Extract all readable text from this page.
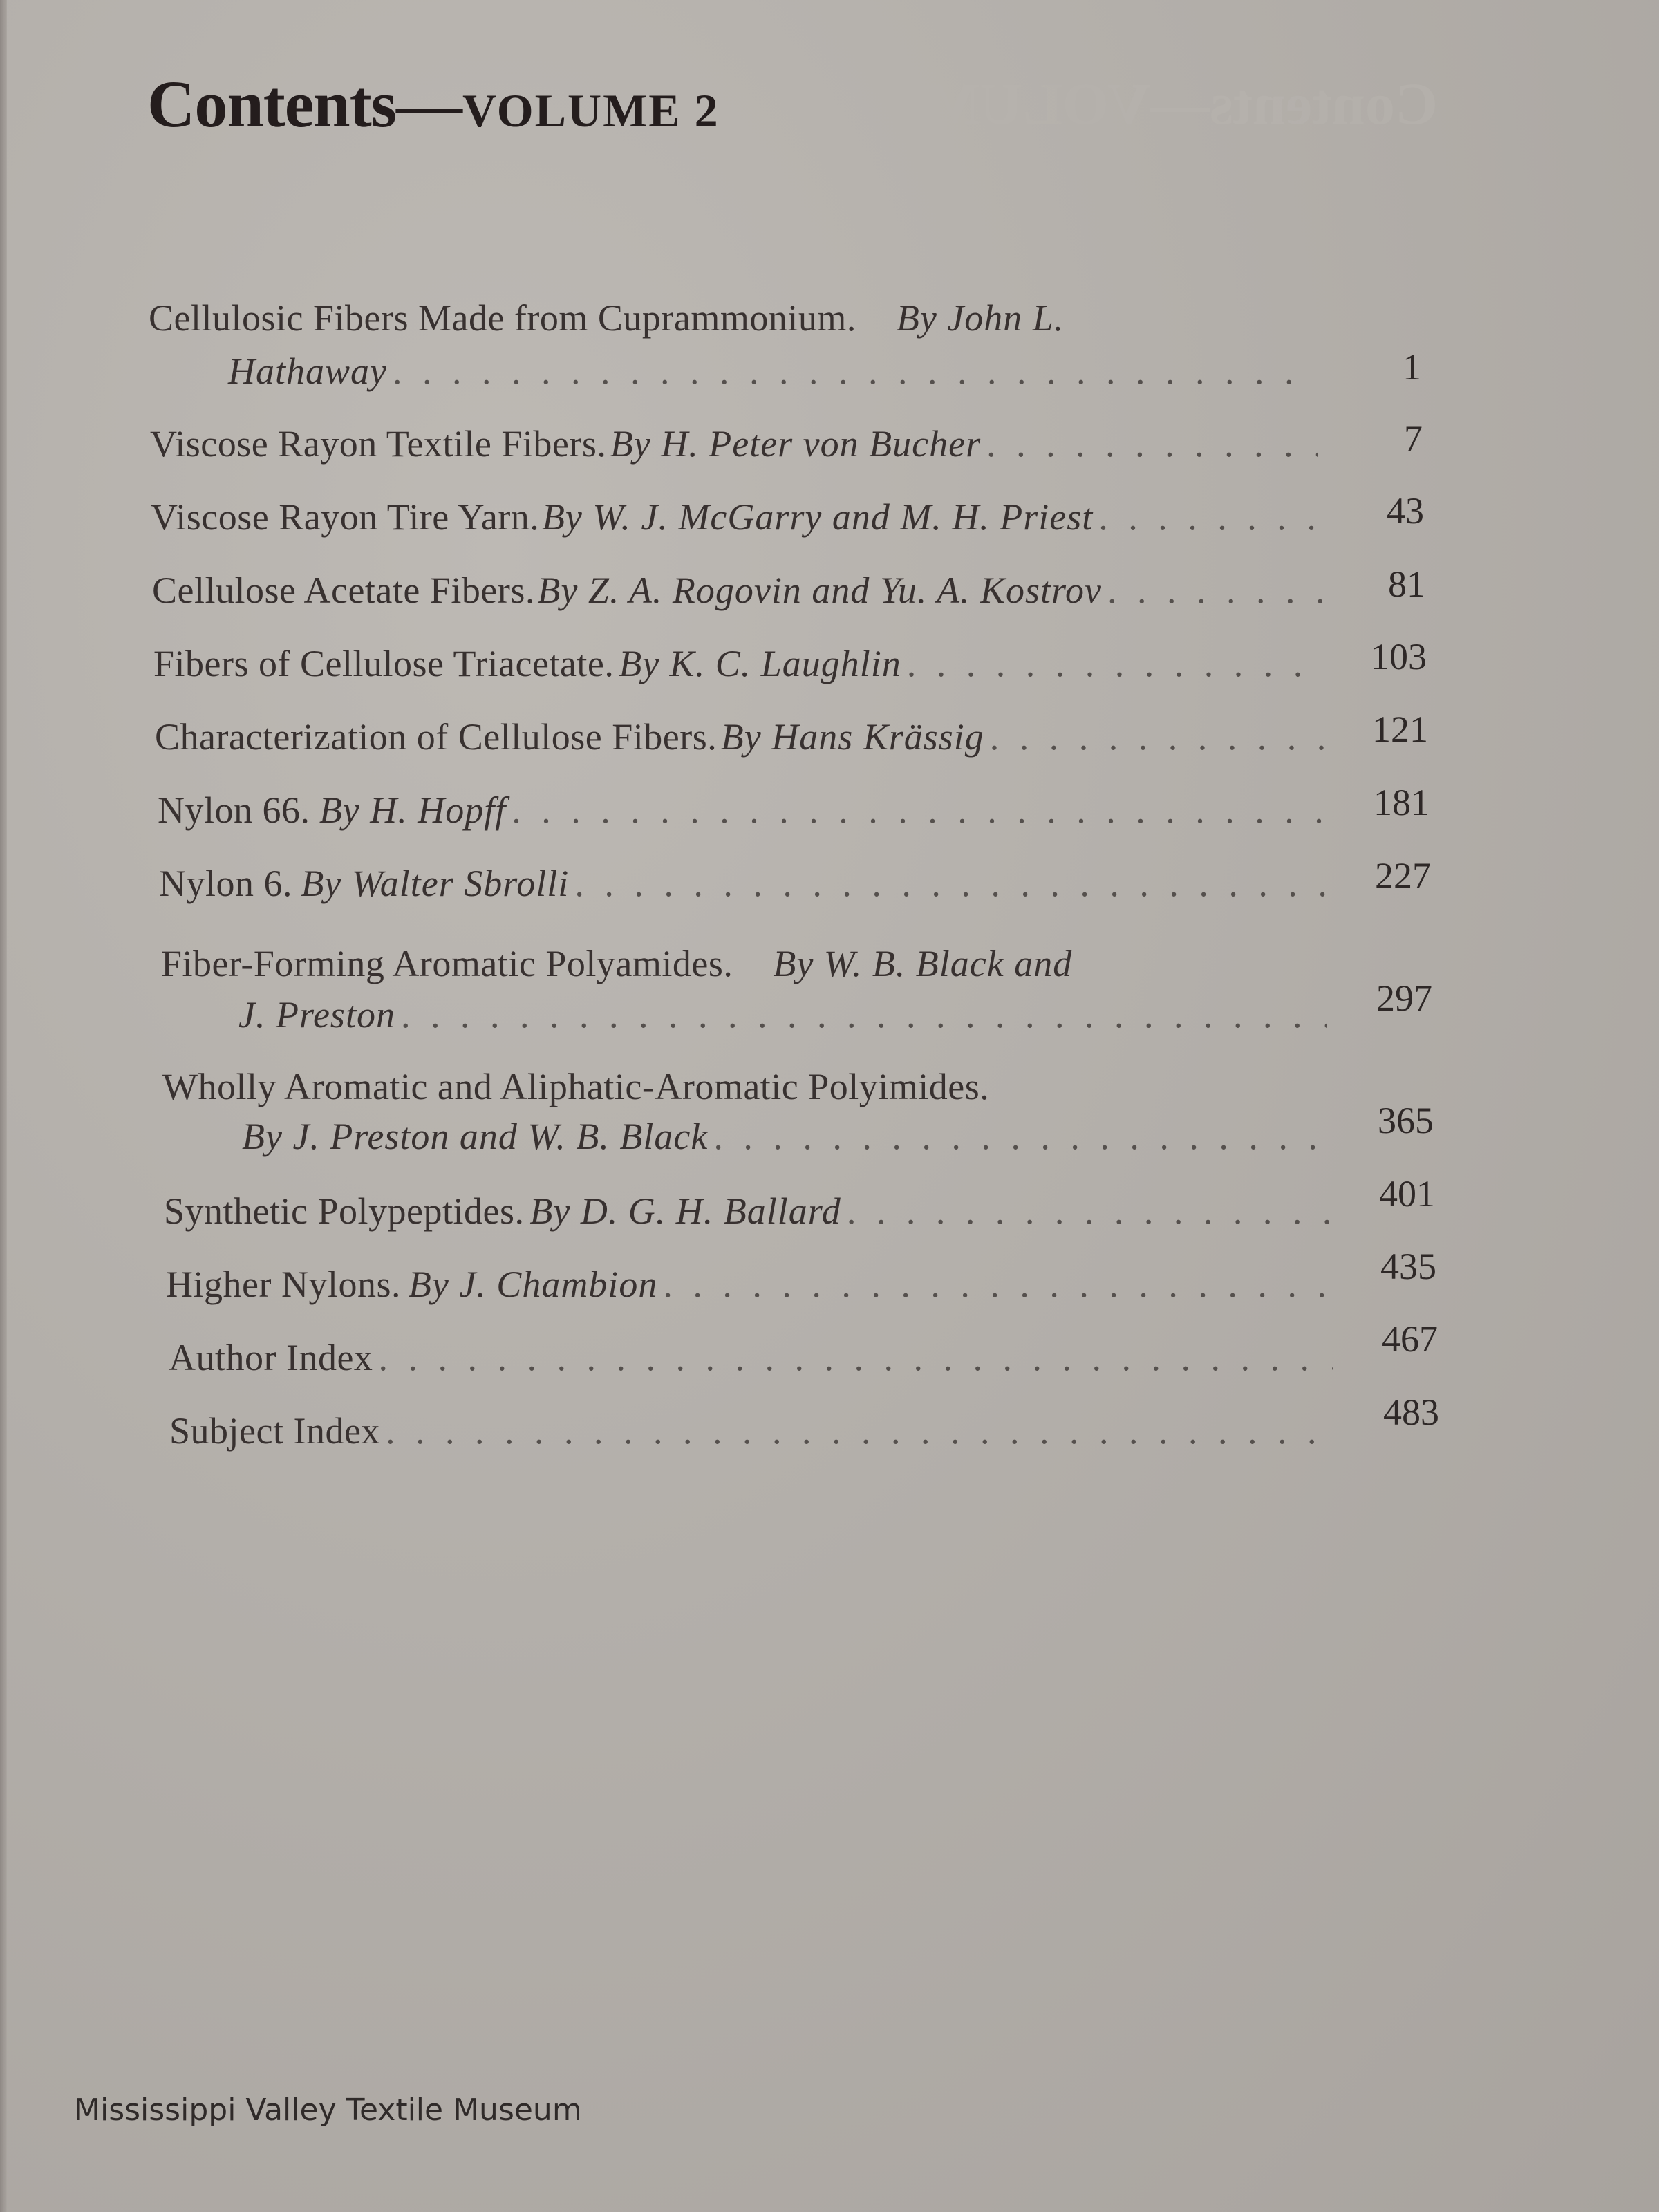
Contents—VOLUME
Contents—VOLUME 2
Cellulosic Fibers Made from Cuprammonium. By John L.
Hathaway . . .	1
Viscose Rayon Textile Fibers. By H. Peter von Bucher . . .	7
Viscose Rayon Tire Yarn. By W. J. McGarry and M. H. Priest . . .	43
Cellulose Acetate Fibers. By Z. A. Rogovin and Yu. A. Kostrov . . .	81
Fibers of Cellulose Triacetate. By K. C. Laughlin . . .	103
Characterization of Cellulose Fibers. By Hans Krässig . . .	121
Nylon 66. By H. Hopff . . .	181
Nylon 6. By Walter Sbrolli . . .	227
Fiber-Forming Aromatic Polyamides. By W. B. Black and
J. Preston . . .	297
Wholly Aromatic and Aliphatic-Aromatic Polyimides.
By J. Preston and W. B. Black . . .	365
Synthetic Polypeptides. By D. G. H. Ballard . . .	401
Higher Nylons. By J. Chambion . . .	435
Author Index . . .	467
Subject Index . . .	483
Mississippi Valley Textile Museum
